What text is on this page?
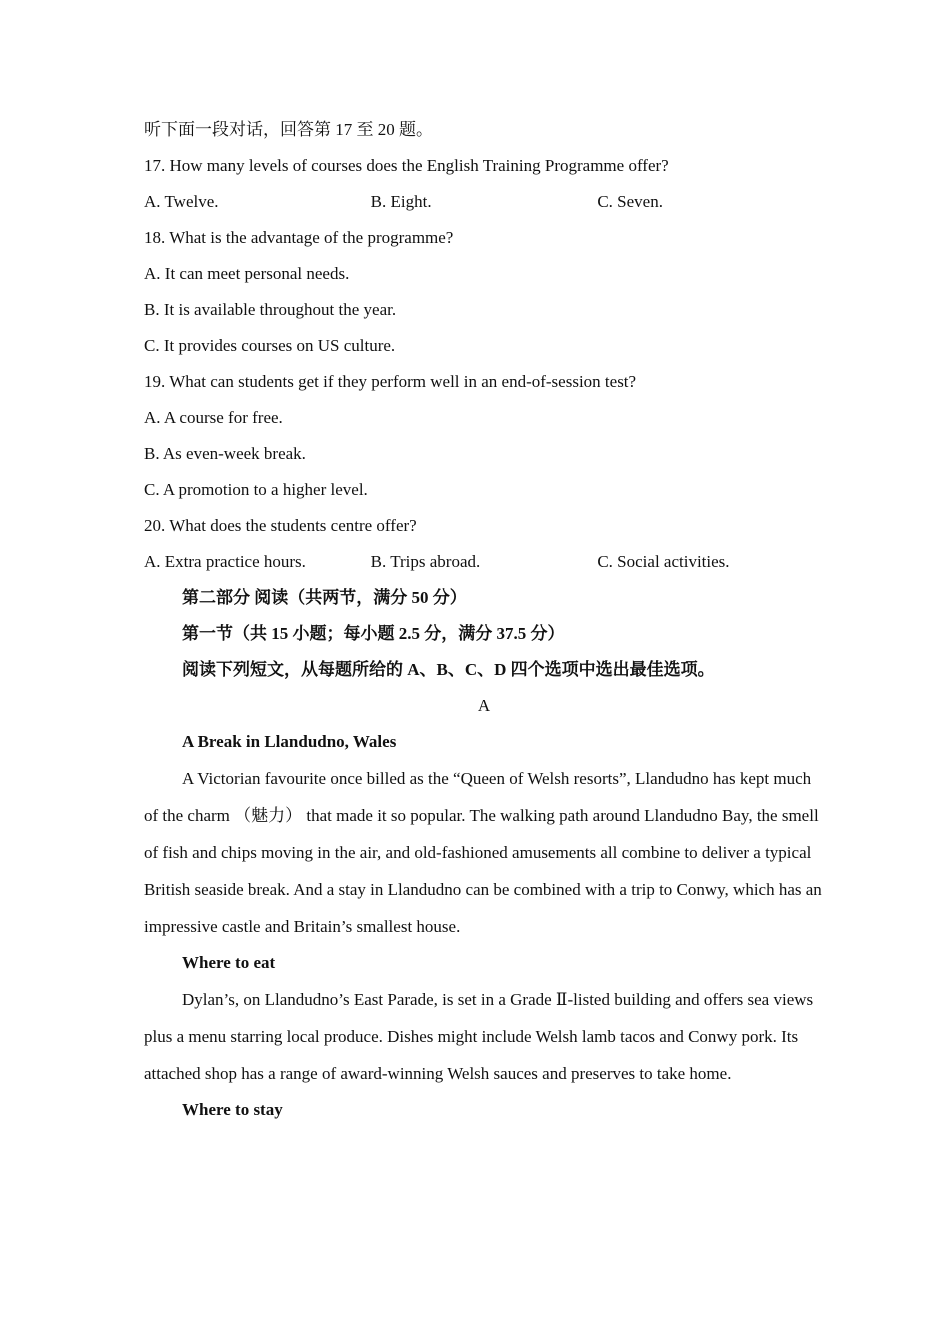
听下面一段对话，回答第 17 至 20 题。
17. How many levels of courses does the English Training Programme offer?
A. Twelve.	B. Eight.	C. Seven.
18. What is the advantage of the programme?
A. It can meet personal needs.
B. It is available throughout the year.
C. It provides courses on US culture.
19. What can students get if they perform well in an end-of-session test?
A. A course for free.
B. As even-week break.
C. A promotion to a higher level.
20. What does the students centre offer?
A. Extra practice hours.	B. Trips abroad.	C. Social activities.
第二部分 阅读（共两节，满分 50 分）
第一节（共 15 小题；每小题 2.5 分，满分 37.5 分）
阅读下列短文，从每题所给的 A、B、C、D 四个选项中选出最佳选项。
A
A Break in Llandudno, Wales

A Victorian favourite once billed as the “Queen of Welsh resorts”, Llandudno has kept much of the charm （魅力） that made it so popular. The walking path around Llandudno Bay, the smell of fish and chips moving in the air, and old-fashioned amusements all combine to deliver a typical British seaside break. And a stay in Llandudno can be combined with a trip to Conwy, which has an impressive castle and Britain’s smallest house.

Where to eat

Dylan’s, on Llandudno’s East Parade, is set in a Grade Ⅱ-listed building and offers sea views plus a menu starring local produce. Dishes might include Welsh lamb tacos and Conwy pork. Its attached shop has a range of award-winning Welsh sauces and preserves to take home.

Where to stay
